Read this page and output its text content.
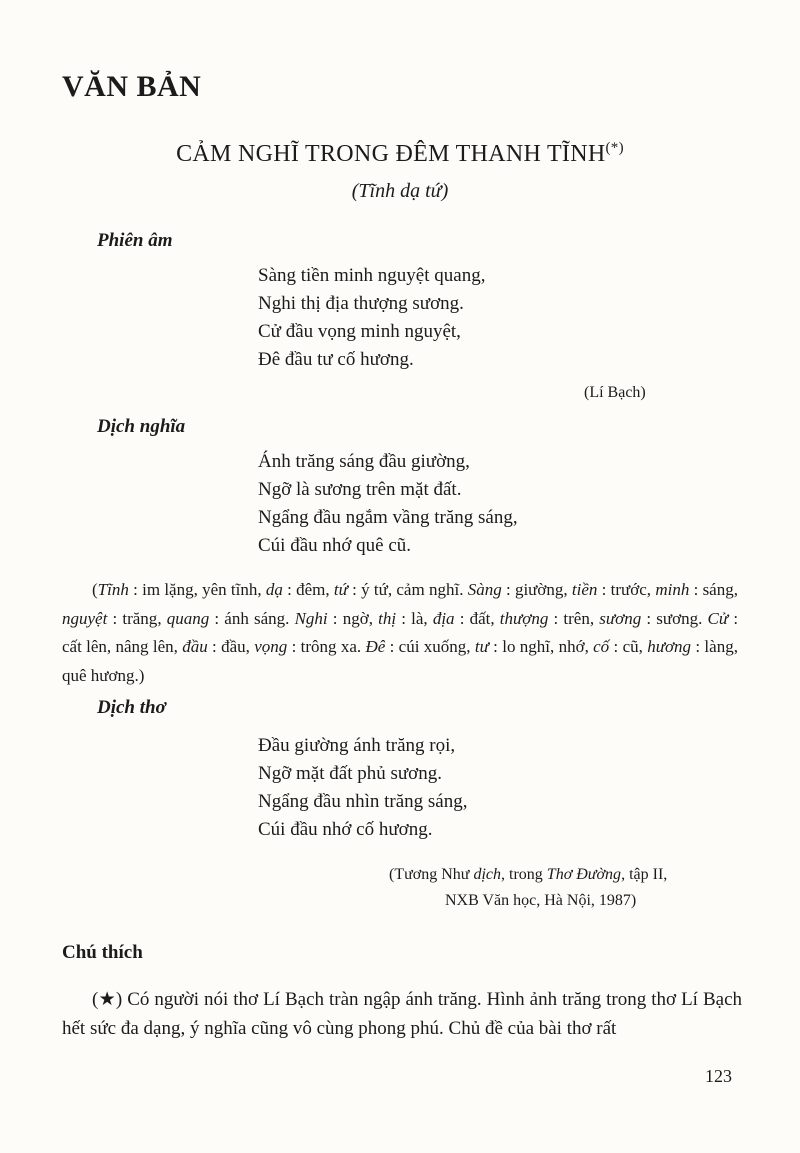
VĂN BẢN
CẢM NGHĨ TRONG ĐÊM THANH TĨNH(*)
(Tĩnh dạ tứ)
Phiên âm
Sàng tiền minh nguyệt quang,
Nghi thị địa thượng sương.
Cử đầu vọng minh nguyệt,
Đê đầu tư cố hương.
(Lí Bạch)
Dịch nghĩa
Ánh trăng sáng đầu giường,
Ngỡ là sương trên mặt đất.
Ngẩng đầu ngắm vầng trăng sáng,
Cúi đầu nhớ quê cũ.

(Tĩnh : im lặng, yên tĩnh, dạ : đêm, tứ : ý tứ, cảm nghĩ. Sàng : giường, tiền : trước, minh : sáng, nguyệt : trăng, quang : ánh sáng. Nghi : ngờ, thị : là, địa : đất, thượng : trên, sương : sương. Cử : cất lên, nâng lên, đầu : đầu, vọng : trông xa. Đê : cúi xuống, tư : lo nghĩ, nhớ, cố : cũ, hương : làng, quê hương.)

Dịch thơ
Đầu giường ánh trăng rọi,
Ngỡ mặt đất phủ sương.
Ngẩng đầu nhìn trăng sáng,
Cúi đầu nhớ cố hương.
(Tương Như dịch, trong Thơ Đường, tập II,
NXB Văn học, Hà Nội, 1987)
Chú thích

(★) Có người nói thơ Lí Bạch tràn ngập ánh trăng. Hình ảnh trăng trong thơ Lí Bạch hết sức đa dạng, ý nghĩa cũng vô cùng phong phú. Chủ đề của bài thơ rất

123
